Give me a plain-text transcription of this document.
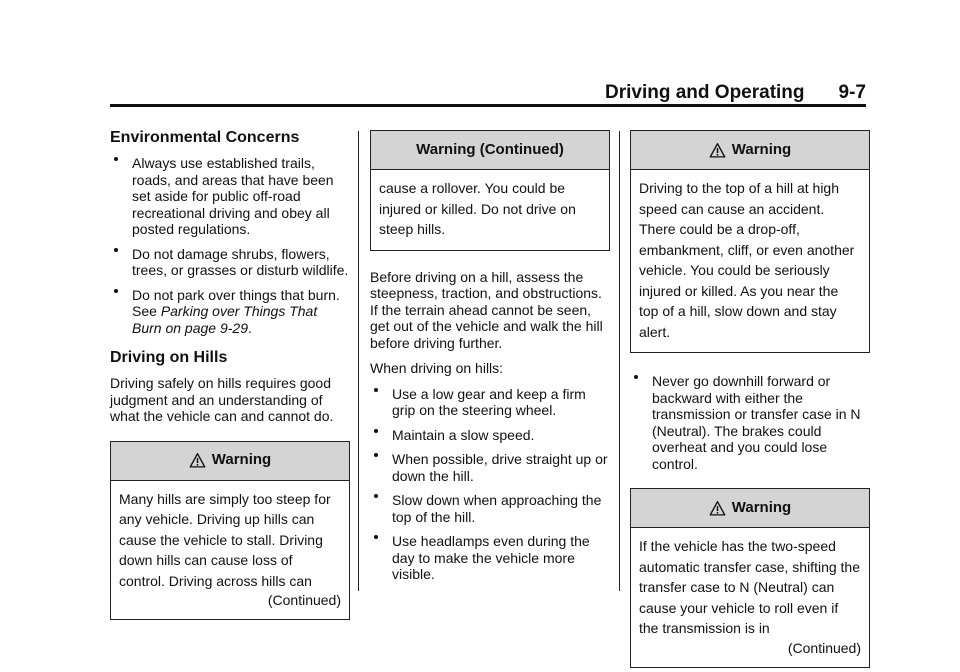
Driving and Operating 9-7
Environmental Concerns
Always use established trails, roads, and areas that have been set aside for public off-road recreational driving and obey all posted regulations.
Do not damage shrubs, flowers, trees, or grasses or disturb wildlife.
Do not park over things that burn. See Parking over Things That Burn on page 9-29.
Driving on Hills

Driving safely on hills requires good judgment and an understanding of what the vehicle can and cannot do.

Warning

Many hills are simply too steep for any vehicle. Driving up hills can cause the vehicle to stall. Driving down hills can cause loss of control. Driving across hills can

(Continued)

Warning (Continued)

cause a rollover. You could be injured or killed. Do not drive on steep hills.

Before driving on a hill, assess the steepness, traction, and obstructions. If the terrain ahead cannot be seen, get out of the vehicle and walk the hill before driving further.

When driving on hills:

Use a low gear and keep a firm grip on the steering wheel.
Maintain a slow speed.
When possible, drive straight up or down the hill.
Slow down when approaching the top of the hill.
Use headlamps even during the day to make the vehicle more visible.
Warning

Driving to the top of a hill at high speed can cause an accident. There could be a drop-off, embankment, cliff, or even another vehicle. You could be seriously injured or killed. As you near the top of a hill, slow down and stay alert.

Never go downhill forward or backward with either the transmission or transfer case in N (Neutral). The brakes could overheat and you could lose control.
Warning

If the vehicle has the two-speed automatic transfer case, shifting the transfer case to N (Neutral) can cause your vehicle to roll even if the transmission is in

(Continued)
